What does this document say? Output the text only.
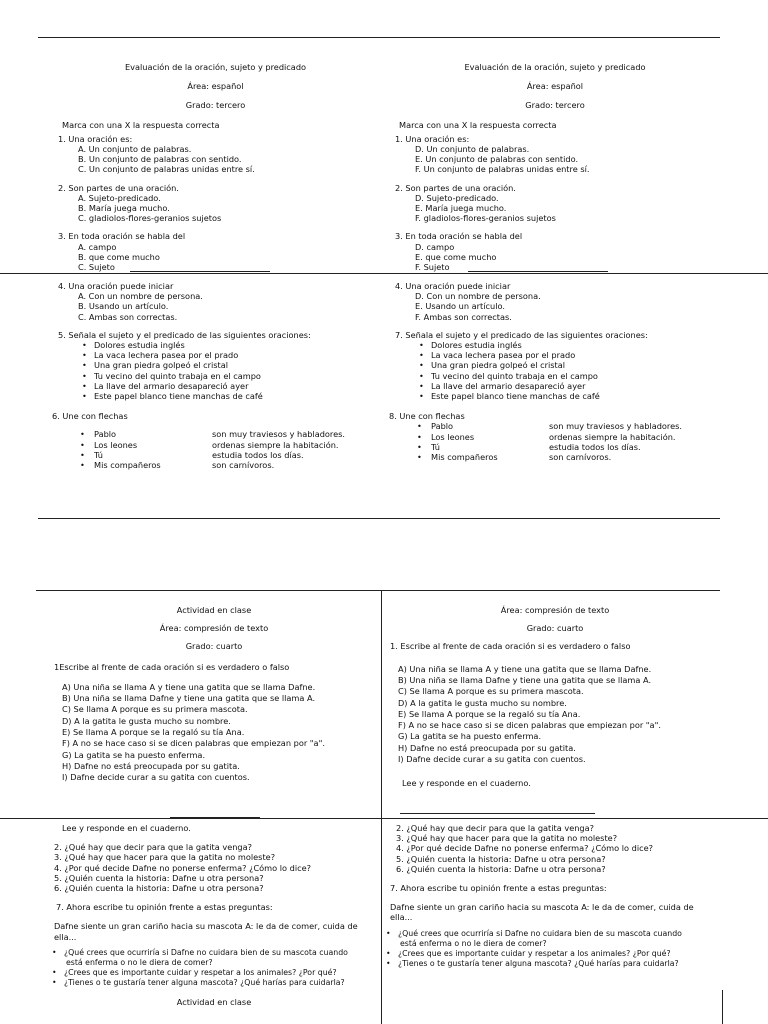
Evaluación de la oración, sujeto y predicado
Área: español
Grado: tercero
Marca con una X la respuesta correcta
1. Una oración es:
A. Un conjunto de palabras.
B. Un conjunto de palabras con sentido.
C. Un conjunto de palabras unidas entre sí.
2. Son partes de una oración.
A. Sujeto-predicado.
B. María juega mucho.
C. gladiolos-flores-geranios sujetos
3. En toda oración se habla del
A. campo
B. que come mucho
C. Sujeto
Evaluación de la oración, sujeto y predicado
Área: español
Grado: tercero
Marca con una X la respuesta correcta
1. Una oración es:
D. Un conjunto de palabras.
E. Un conjunto de palabras con sentido.
F. Un conjunto de palabras unidas entre sí.
2. Son partes de una oración.
D. Sujeto-predicado.
E. María juega mucho.
F. gladiolos-flores-geranios sujetos
3. En toda oración se habla del
D. campo
E. que come mucho
F. Sujeto
4. Una oración puede iniciar
A. Con un nombre de persona.
B. Usando un artículo.
C. Ambas son correctas.
5. Señala el sujeto y el predicado de las siguientes oraciones:
• Dolores estudia inglés
• La vaca lechera pasea por el prado
• Una gran piedra golpeó el cristal
• Tu vecino del quinto trabaja en el campo
• La llave del armario desapareció ayer
• Este papel blanco tiene manchas de café
6. Une con flechas
• Pablo	son muy traviesos y habladores.
• Los leones	ordenas siempre la habitación.
• Tú	estudia todos los días.
• Mis compañeros	son carnívoros.
4. Una oración puede iniciar
D. Con un nombre de persona.
E. Usando un artículo.
F. Ambas son correctas.
7. Señala el sujeto y el predicado de las siguientes oraciones:
• Dolores estudia inglés
• La vaca lechera pasea por el prado
• Una gran piedra golpeó el cristal
• Tu vecino del quinto trabaja en el campo
• La llave del armario desapareció ayer
• Este papel blanco tiene manchas de café
8. Une con flechas
• Pablo	son muy traviesos y habladores.
• Los leones	ordenas siempre la habitación.
• Tú	estudia todos los días.
• Mis compañeros	son carnívoros.
Actividad en clase
Área: compresión de texto
Grado: cuarto
1Escribe al frente de cada oración si es verdadero o falso
A) Una niña se llama A y tiene una gatita que se llama Dafne.
B) Una niña se llama Dafne y tiene una gatita que se llama A.
C) Se llama A porque es su primera mascota.
D) A la gatita le gusta mucho su nombre.
E) Se llama A porque se la regaló su tía Ana.
F) A no se hace caso si se dicen palabras que empiezan por "a".
G) La gatita se ha puesto enferma.
H) Dafne no está preocupada por su gatita.
I) Dafne decide curar a su gatita con cuentos.
Área: compresión de texto
Grado: cuarto
1. Escribe al frente de cada oración si es verdadero o falso
A) Una niña se llama A y tiene una gatita que se llama Dafne.
B) Una niña se llama Dafne y tiene una gatita que se llama A.
C) Se llama A porque es su primera mascota.
D) A la gatita le gusta mucho su nombre.
E) Se llama A porque se la regaló su tía Ana.
F) A no se hace caso si se dicen palabras que empiezan por "a".
G) La gatita se ha puesto enferma.
H) Dafne no está preocupada por su gatita.
I) Dafne decide curar a su gatita con cuentos.
Lee y responde en el cuaderno.
Lee y responde en el cuaderno.
2. ¿Qué hay que decir para que la gatita venga?
3. ¿Qué hay que hacer para que la gatita no moleste?
4. ¿Por qué decide Dafne no ponerse enferma? ¿Cómo lo dice?
5. ¿Quién cuenta la historia: Dafne u otra persona?
6. ¿Quién cuenta la historia: Dafne u otra persona?
7. Ahora escribe tu opinión frente a estas preguntas:
Dafne siente un gran cariño hacia su mascota A: le da de comer, cuida de ella...
• ¿Qué crees que ocurriría si Dafne no cuidara bien de su mascota cuando está enferma o no le diera de comer?
• ¿Crees que es importante cuidar y respetar a los animales? ¿Por qué?
• ¿Tienes o te gustaría tener alguna mascota? ¿Qué harías para cuidarla?
Actividad en clase
2. ¿Qué hay que decir para que la gatita venga?
3. ¿Qué hay que hacer para que la gatita no moleste?
4. ¿Por qué decide Dafne no ponerse enferma? ¿Cómo lo dice?
5. ¿Quién cuenta la historia: Dafne u otra persona?
6. ¿Quién cuenta la historia: Dafne u otra persona?
7. Ahora escribe tu opinión frente a estas preguntas:
Dafne siente un gran cariño hacia su mascota A: le da de comer, cuida de ella...
• ¿Qué crees que ocurriría si Dafne no cuidara bien de su mascota cuando está enferma o no le diera de comer?
• ¿Crees que es importante cuidar y respetar a los animales? ¿Por qué?
• ¿Tienes o te gustaría tener alguna mascota? ¿Qué harías para cuidarla?
